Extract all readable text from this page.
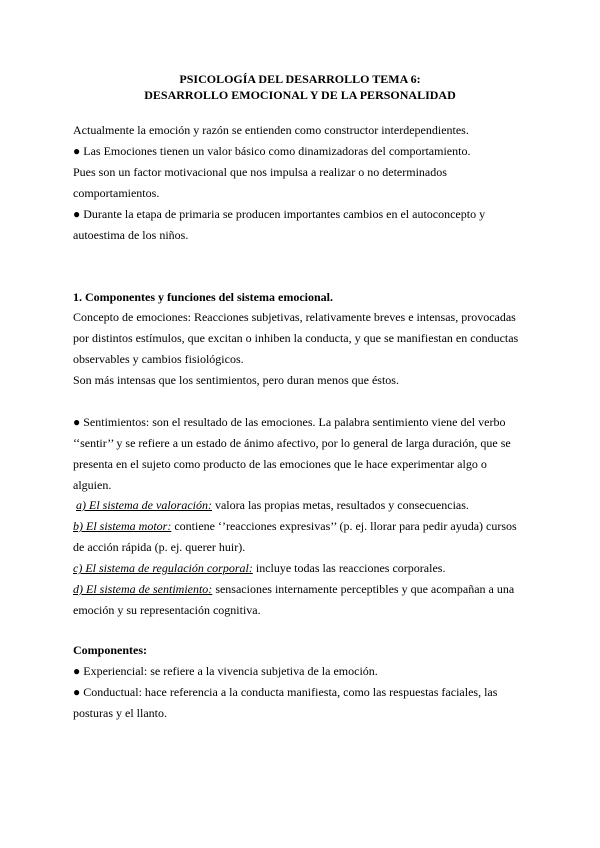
PSICOLOGÍA DEL DESARROLLO TEMA 6:
DESARROLLO EMOCIONAL Y DE LA PERSONALIDAD
Actualmente la emoción y razón se entienden como constructor interdependientes.
● Las Emociones tienen un valor básico como dinamizadoras del comportamiento.
Pues son un factor motivacional que nos impulsa a realizar o no determinados
comportamientos.
● Durante la etapa de primaria se producen importantes cambios en el autoconcepto y
autoestima de los niños.
1. Componentes y funciones del sistema emocional.
Concepto de emociones: Reacciones subjetivas, relativamente breves e intensas, provocadas
por distintos estímulos, que excitan o inhiben la conducta, y que se manifiestan en conductas
observables y cambios fisiológicos.
Son más intensas que los sentimientos, pero duran menos que éstos.
● Sentimientos: son el resultado de las emociones. La palabra sentimiento viene del verbo
‘‘sentir’’ y se refiere a un estado de ánimo afectivo, por lo general de larga duración, que se
presenta en el sujeto como producto de las emociones que le hace experimentar algo o
alguien.
a) El sistema de valoración: valora las propias metas, resultados y consecuencias.
b) El sistema motor: contiene ‘’reacciones expresivas’’ (p. ej. llorar para pedir ayuda) cursos
de acción rápida (p. ej. querer huir).
c) El sistema de regulación corporal: incluye todas las reacciones corporales.
d) El sistema de sentimiento: sensaciones internamente perceptibles y que acompañan a una
emoción y su representación cognitiva.
Componentes:
● Experiencial: se refiere a la vivencia subjetiva de la emoción.
● Conductual: hace referencia a la conducta manifiesta, como las respuestas faciales, las
posturas y el llanto.
